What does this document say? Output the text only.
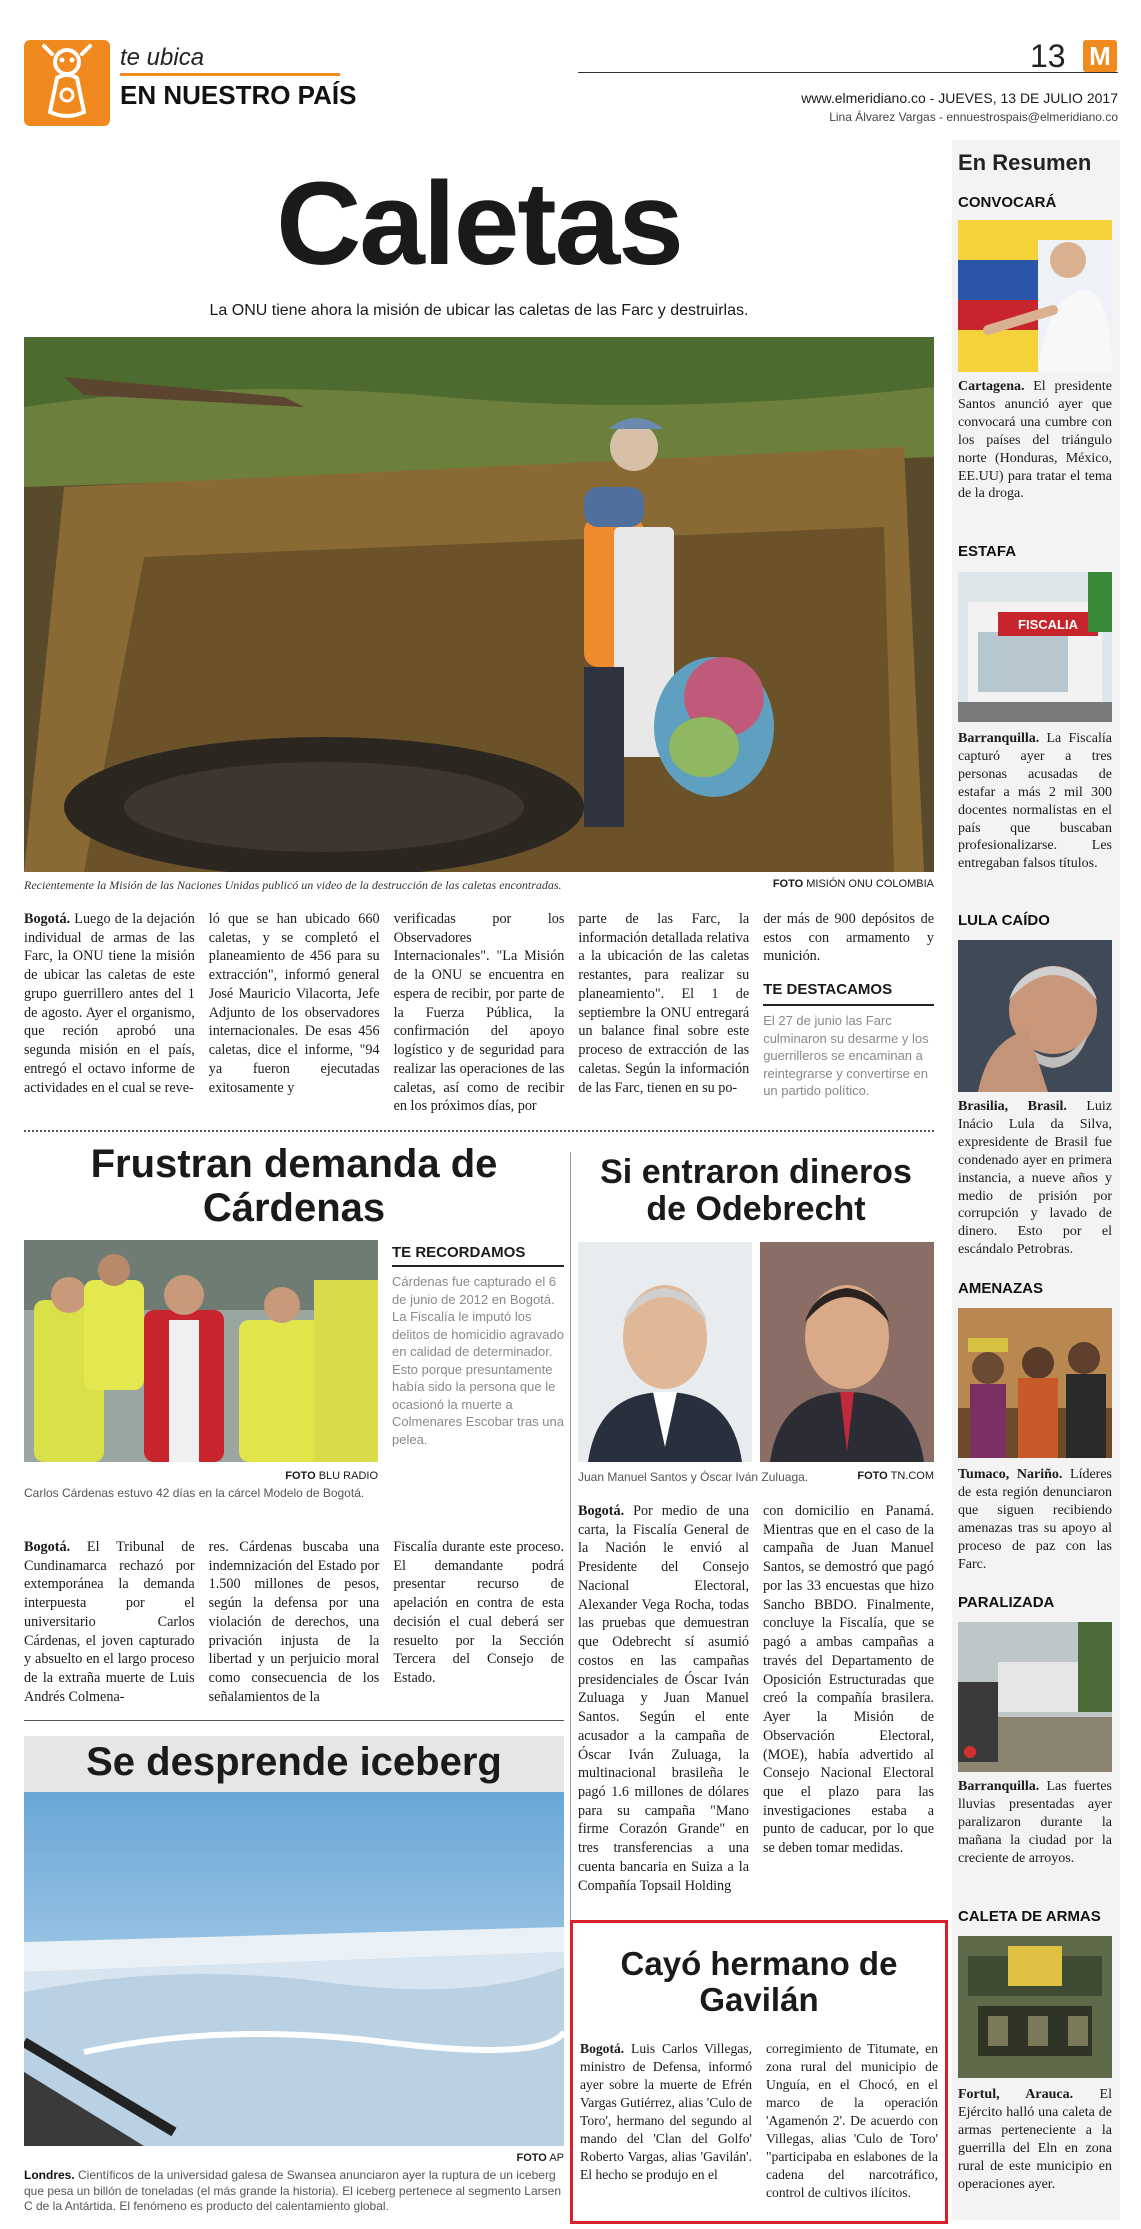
te ubica
EN NUESTRO PAÍS
13 M
www.elmeridiano.co - JUEVES, 13 DE JULIO 2017
Lina Álvarez Vargas - ennuestrospais@elmeridiano.co
Caletas
La ONU tiene ahora la misión de ubicar las caletas de las Farc y destruirlas.
Recientemente la Misión de las Naciones Unidas publicó un video de la destrucción de las caletas encontradas.	FOTO MISIÓN ONU COLOMBIA

Bogotá. Luego de la dejación individual de armas de las Farc, la ONU tiene la misión de ubicar las caletas de este grupo guerrillero antes del 1 de agosto. Ayer el organismo, que reción aprobó una segunda misión en el país, entregó el octavo informe de actividades en el cual se reve-

ló que se han ubicado 660 caletas, y se completó el planeamiento de 456 para su extracción", informó general José Mauricio Vilacorta, Jefe Adjunto de los observadores internacionales. De esas 456 caletas, dice el informe, "94 ya fueron ejecutadas exitosamente y

verificadas por los Observadores Internacionales". "La Misión de la ONU se encuentra en espera de recibir, por parte de la Fuerza Pública, la confirmación del apoyo logístico y de seguridad para realizar las operaciones de las caletas, así como de recibir en los próximos días, por

parte de las Farc, la información detallada relativa a la ubicación de las caletas restantes, para realizar su planeamiento". El 1 de septiembre la ONU entregará un balance final sobre este proceso de extracción de las caletas. Según la información de las Farc, tienen en su po-

der más de 900 depósitos de estos con armamento y munición.

TE DESTACAMOS

El 27 de junio las Farc culminaron su desarme y los guerrilleros se encaminan a reintegrarse y convertirse en un partido político.

Frustran demanda de Cárdenas
TE RECORDAMOS

Cárdenas fue capturado el 6 de junio de 2012 en Bogotá. La Fiscalía le imputó los delitos de homicidio agravado en calidad de determinador. Esto porque presuntamente había sido la persona que le ocasionó la muerte a Colmenares Escobar tras una pelea.

FOTO BLU RADIO
Carlos Cárdenas estuvo 42 días en la cárcel Modelo de Bogotá.

Bogotá. El Tribunal de Cundinamarca rechazó por extemporánea la demanda interpuesta por el universitario Carlos Cárdenas, el joven capturado y absuelto en el largo proceso de la extraña muerte de Luis Andrés Colmena-

res. Cárdenas buscaba una indemnización del Estado por 1.500 millones de pesos, según la defensa por una violación de derechos, una privación injusta de la libertad y un perjuicio moral como consecuencia de los señalamientos de la

Fiscalía durante este proceso. El demandante podrá presentar recurso de apelación en contra de esta decisión el cual deberá ser resuelto por la Sección Tercera del Consejo de Estado.

Si entraron dineros de Odebrecht
Juan Manuel Santos y Óscar Iván Zuluaga.	FOTO TN.COM

Bogotá. Por medio de una carta, la Fiscalía General de la Nación le envió al Presidente del Consejo Nacional Electoral, Alexander Vega Rocha, todas las pruebas que demuestran que Odebrecht sí asumió costos en las campañas presidenciales de Óscar Iván Zuluaga y Juan Manuel Santos. Según el ente acusador a la campaña de Óscar Iván Zuluaga, la multinacional brasileña le pagó 1.6 millones de dólares para su campaña "Mano firme Corazón Grande" en tres transferencias a una cuenta bancaria en Suiza a la Compañía Topsail Holding

con domicilio en Panamá. Mientras que en el caso de la campaña de Juan Manuel Santos, se demostró que pagó por las 33 encuestas que hizo Sancho BBDO. Finalmente, concluye la Fiscalía, que se pagó a ambas campañas a través del Departamento de Oposición Estructuradas que creó la compañía brasilera. Ayer la Misión de Observación Electoral, (MOE), había advertido al Consejo Nacional Electoral que el plazo para las investigaciones estaba a punto de caducar, por lo que se deben tomar medidas.

Se desprende iceberg
FOTO AP
Londres. Científicos de la universidad galesa de Swansea anunciaron ayer la ruptura de un iceberg que pesa un billón de toneladas (el más grande la historia). El iceberg pertenece al segmento Larsen C de la Antártida. El fenómeno es producto del calentamiento global.
Cayó hermano de Gavilán

Bogotá. Luis Carlos Villegas, ministro de Defensa, informó ayer sobre la muerte de Efrén Vargas Gutiérrez, alias 'Culo de Toro', hermano del segundo al mando del 'Clan del Golfo' Roberto Vargas, alias 'Gavilán'. El hecho se produjo en el

corregimiento de Titumate, en zona rural del municipio de Unguía, en el Chocó, en el marco de la operación 'Agamenón 2'. De acuerdo con Villegas, alias 'Culo de Toro' "participaba en eslabones de la cadena del narcotráfico, control de cultivos ilícitos.

En Resumen
CONVOCARÁ

Cartagena. El presidente Santos anunció ayer que convocará una cumbre con los países del triángulo norte (Honduras, México, EE.UU) para tratar el tema de la droga.

ESTAFA
FISCALIA

Barranquilla. La Fiscalía capturó ayer a tres personas acusadas de estafar a más 2 mil 300 docentes normalistas en el país que buscaban profesionalizarse. Les entregaban falsos títulos.

LULA CAÍDO

Brasilia, Brasil. Luiz Inácio Lula da Silva, expresidente de Brasil fue condenado ayer en primera instancia, a nueve años y medio de prisión por corrupción y lavado de dinero. Esto por el escándalo Petrobras.

AMENAZAS

Tumaco, Nariño. Líderes de esta región denunciaron que siguen recibiendo amenazas tras su apoyo al proceso de paz con las Farc.

PARALIZADA

Barranquilla. Las fuertes lluvias presentadas ayer paralizaron durante la mañana la ciudad por la creciente de arroyos.

CALETA DE ARMAS

Fortul, Arauca. El Ejército halló una caleta de armas perteneciente a la guerrilla del Eln en zona rural de este municipio en operaciones ayer.
